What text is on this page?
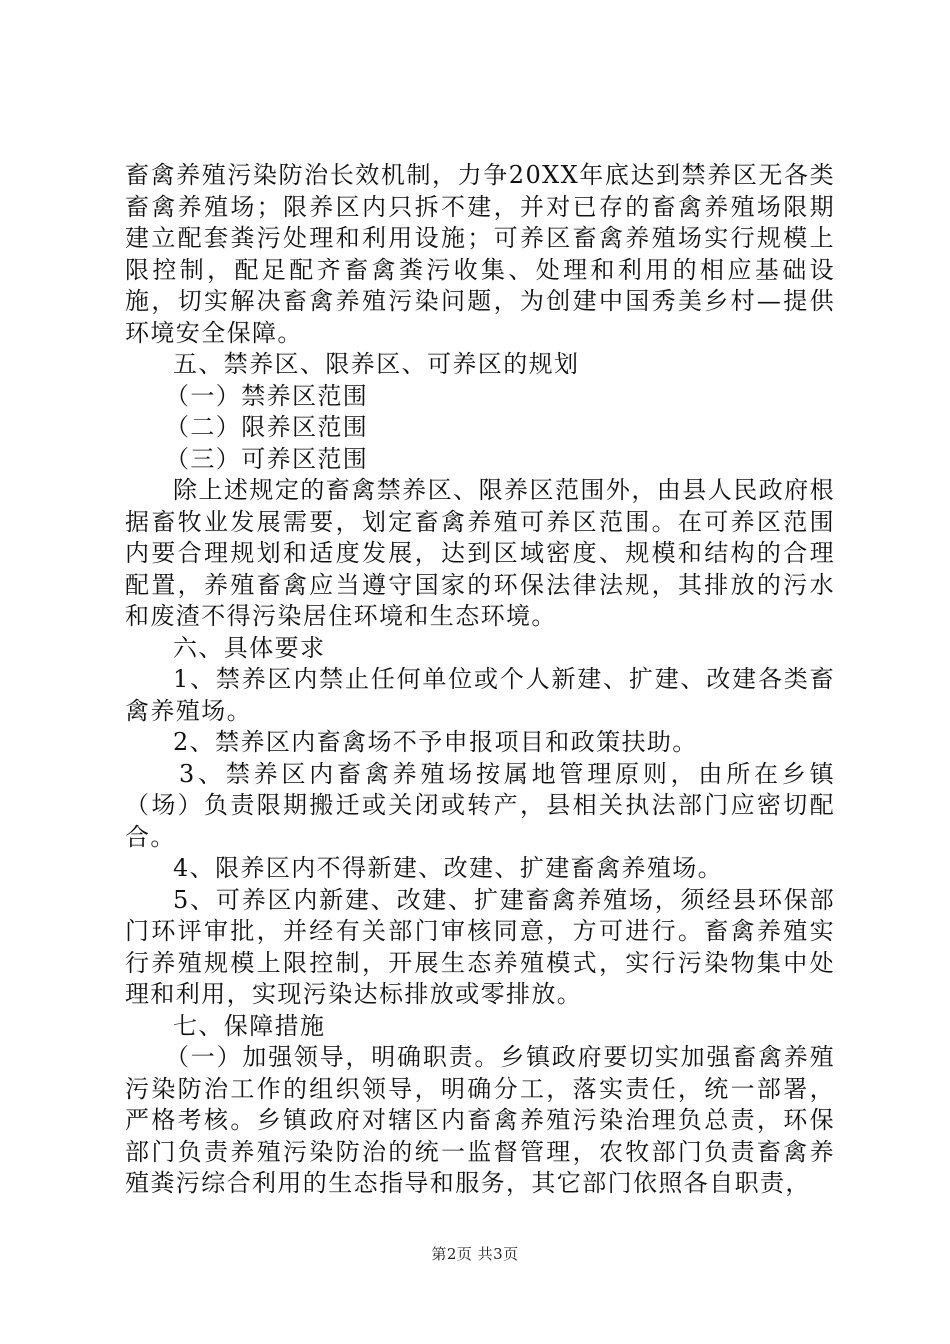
畜禽养殖污染防治长效机制，力争20XX年底达到禁养区无各类畜禽养殖场；限养区内只拆不建，并对已存的畜禽养殖场限期建立配套粪污处理和利用设施；可养区畜禽养殖场实行规模上限控制，配足配齐畜禽粪污收集、处理和利用的相应基础设施，切实解决畜禽养殖污染问题，为创建中国秀美乡村—提供环境安全保障。

五、禁养区、限养区、可养区的规划

（一）禁养区范围

（二）限养区范围

（三）可养区范围

除上述规定的畜禽禁养区、限养区范围外，由县人民政府根据畜牧业发展需要，划定畜禽养殖可养区范围。在可养区范围内要合理规划和适度发展，达到区域密度、规模和结构的合理配置，养殖畜禽应当遵守国家的环保法律法规，其排放的污水和废渣不得污染居住环境和生态环境。

六、具体要求

1、禁养区内禁止任何单位或个人新建、扩建、改建各类畜禽养殖场。

2、禁养区内畜禽场不予申报项目和政策扶助。

3、禁养区内畜禽养殖场按属地管理原则，由所在乡镇（场）负责限期搬迁或关闭或转产，县相关执法部门应密切配合。

4、限养区内不得新建、改建、扩建畜禽养殖场。

5、可养区内新建、改建、扩建畜禽养殖场，须经县环保部门环评审批，并经有关部门审核同意，方可进行。畜禽养殖实行养殖规模上限控制，开展生态养殖模式，实行污染物集中处理和利用，实现污染达标排放或零排放。

七、保障措施

（一）加强领导，明确职责。乡镇政府要切实加强畜禽养殖污染防治工作的组织领导，明确分工，落实责任，统一部署，严格考核。乡镇政府对辖区内畜禽养殖污染治理负总责，环保部门负责养殖污染防治的统一监督管理，农牧部门负责畜禽养殖粪污综合利用的生态指导和服务，其它部门依照各自职责，

第2页 共3页
